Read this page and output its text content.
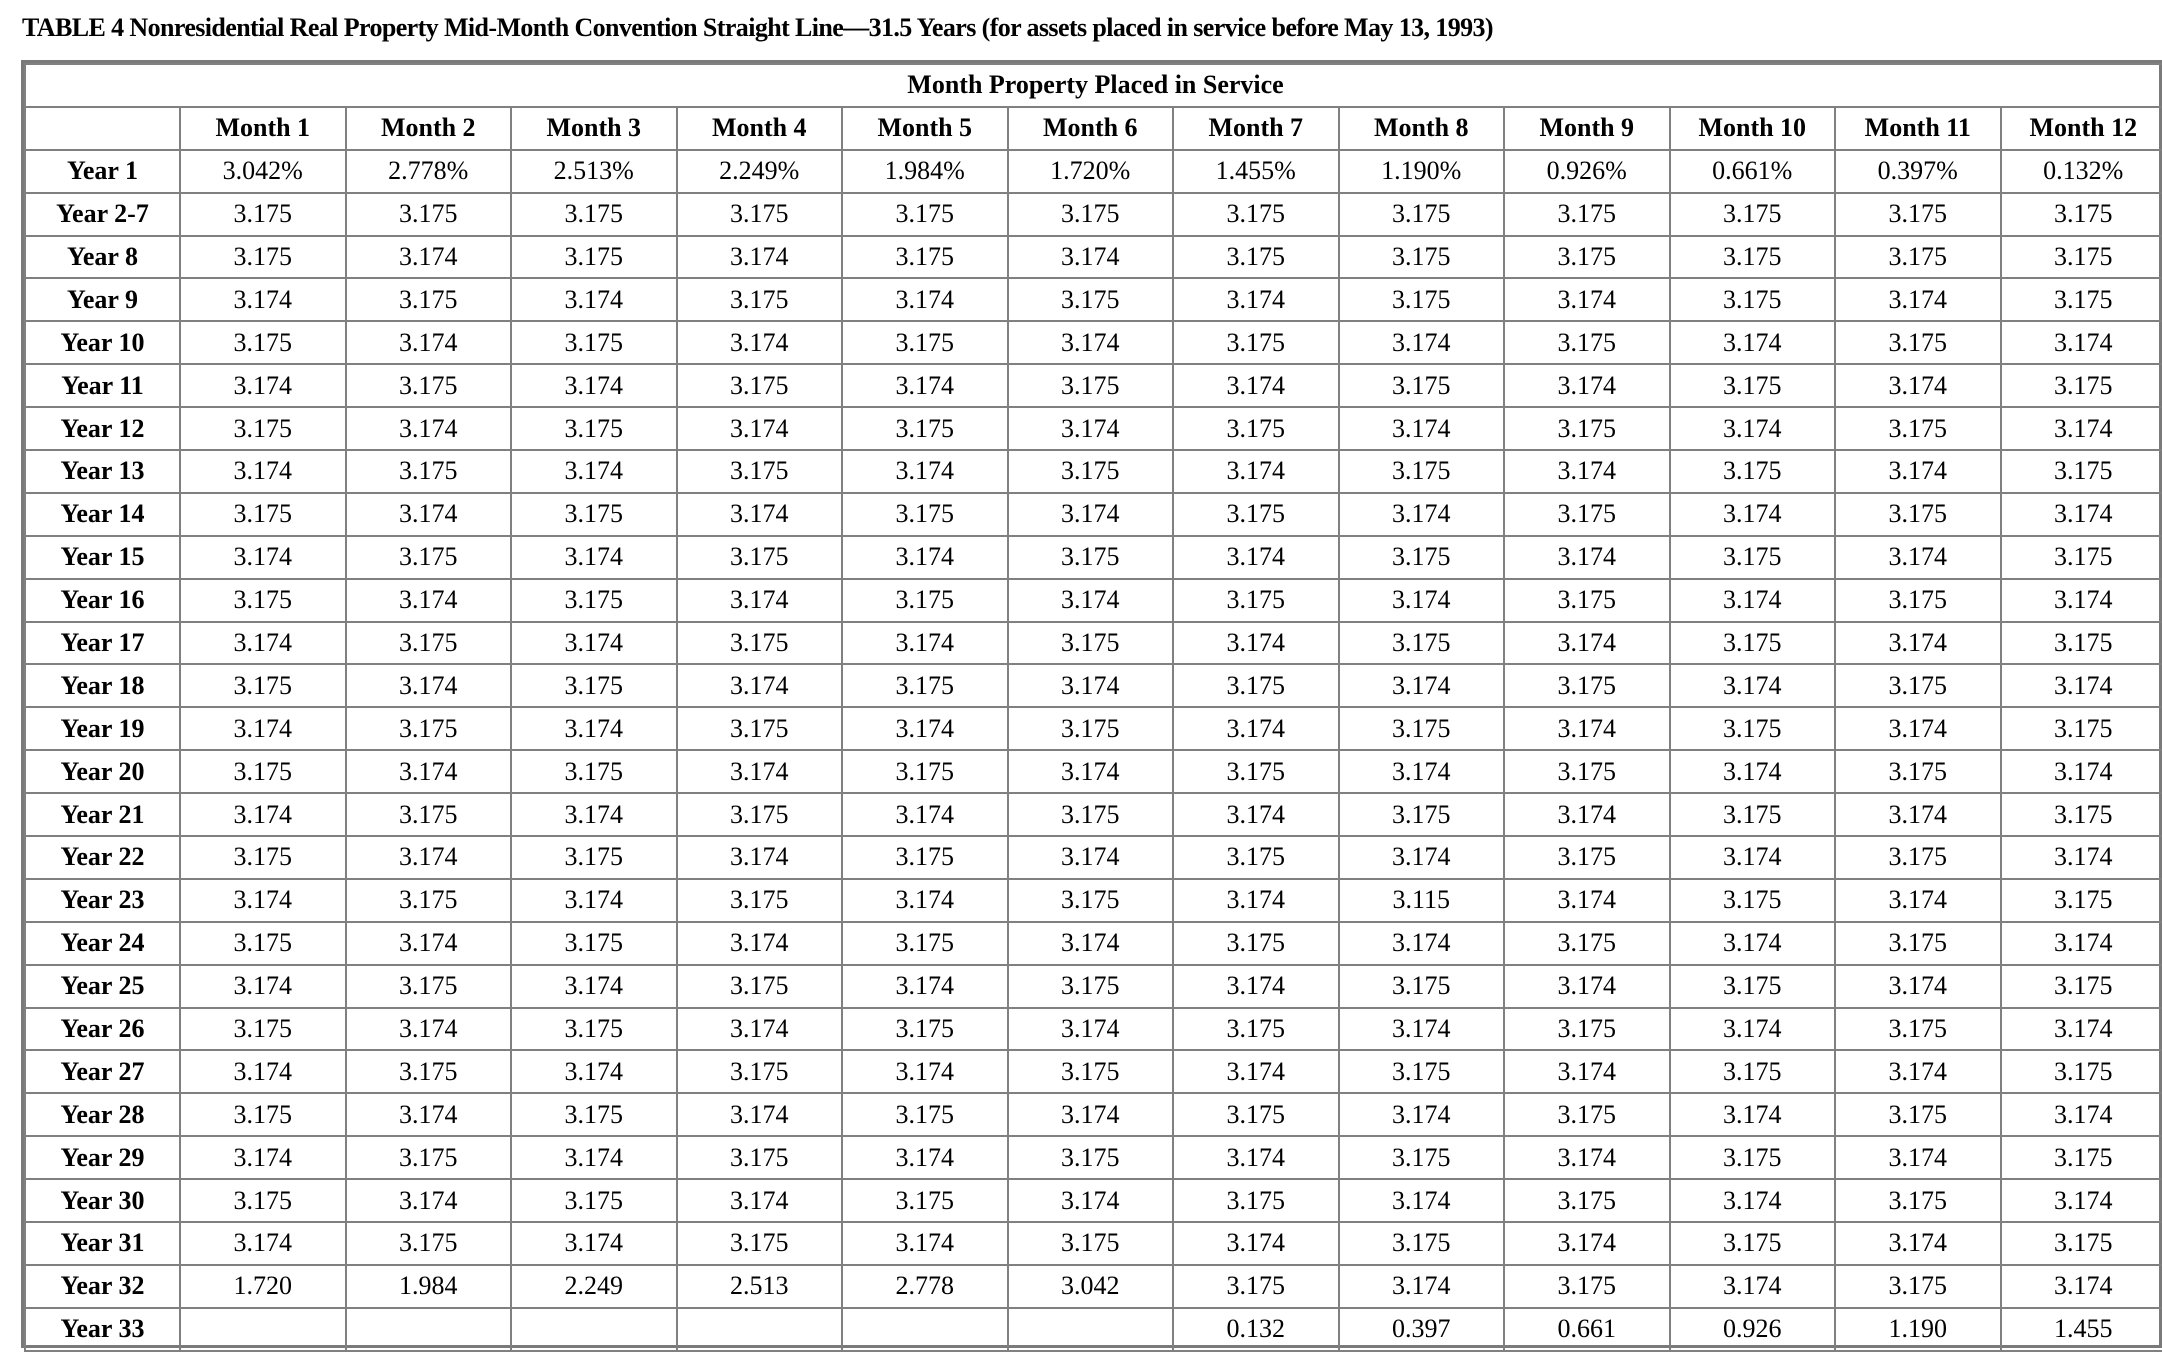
TABLE 4 Nonresidential Real Property Mid-Month Convention Straight Line—31.5 Years (for assets placed in service before May 13, 1993)
Month Property Placed in Service												
	Month 1	Month 2	Month 3	Month 4	Month 5	Month 6	Month 7	Month 8	Month 9	Month 10	Month 11	Month 12
Year 1	3.042%	2.778%	2.513%	2.249%	1.984%	1.720%	1.455%	1.190%	0.926%	0.661%	0.397%	0.132%
Year 2-7	3.175	3.175	3.175	3.175	3.175	3.175	3.175	3.175	3.175	3.175	3.175	3.175
Year 8	3.175	3.174	3.175	3.174	3.175	3.174	3.175	3.175	3.175	3.175	3.175	3.175
Year 9	3.174	3.175	3.174	3.175	3.174	3.175	3.174	3.175	3.174	3.175	3.174	3.175
Year 10	3.175	3.174	3.175	3.174	3.175	3.174	3.175	3.174	3.175	3.174	3.175	3.174
Year 11	3.174	3.175	3.174	3.175	3.174	3.175	3.174	3.175	3.174	3.175	3.174	3.175
Year 12	3.175	3.174	3.175	3.174	3.175	3.174	3.175	3.174	3.175	3.174	3.175	3.174
Year 13	3.174	3.175	3.174	3.175	3.174	3.175	3.174	3.175	3.174	3.175	3.174	3.175
Year 14	3.175	3.174	3.175	3.174	3.175	3.174	3.175	3.174	3.175	3.174	3.175	3.174
Year 15	3.174	3.175	3.174	3.175	3.174	3.175	3.174	3.175	3.174	3.175	3.174	3.175
Year 16	3.175	3.174	3.175	3.174	3.175	3.174	3.175	3.174	3.175	3.174	3.175	3.174
Year 17	3.174	3.175	3.174	3.175	3.174	3.175	3.174	3.175	3.174	3.175	3.174	3.175
Year 18	3.175	3.174	3.175	3.174	3.175	3.174	3.175	3.174	3.175	3.174	3.175	3.174
Year 19	3.174	3.175	3.174	3.175	3.174	3.175	3.174	3.175	3.174	3.175	3.174	3.175
Year 20	3.175	3.174	3.175	3.174	3.175	3.174	3.175	3.174	3.175	3.174	3.175	3.174
Year 21	3.174	3.175	3.174	3.175	3.174	3.175	3.174	3.175	3.174	3.175	3.174	3.175
Year 22	3.175	3.174	3.175	3.174	3.175	3.174	3.175	3.174	3.175	3.174	3.175	3.174
Year 23	3.174	3.175	3.174	3.175	3.174	3.175	3.174	3.115	3.174	3.175	3.174	3.175
Year 24	3.175	3.174	3.175	3.174	3.175	3.174	3.175	3.174	3.175	3.174	3.175	3.174
Year 25	3.174	3.175	3.174	3.175	3.174	3.175	3.174	3.175	3.174	3.175	3.174	3.175
Year 26	3.175	3.174	3.175	3.174	3.175	3.174	3.175	3.174	3.175	3.174	3.175	3.174
Year 27	3.174	3.175	3.174	3.175	3.174	3.175	3.174	3.175	3.174	3.175	3.174	3.175
Year 28	3.175	3.174	3.175	3.174	3.175	3.174	3.175	3.174	3.175	3.174	3.175	3.174
Year 29	3.174	3.175	3.174	3.175	3.174	3.175	3.174	3.175	3.174	3.175	3.174	3.175
Year 30	3.175	3.174	3.175	3.174	3.175	3.174	3.175	3.174	3.175	3.174	3.175	3.174
Year 31	3.174	3.175	3.174	3.175	3.174	3.175	3.174	3.175	3.174	3.175	3.174	3.175
Year 32	1.720	1.984	2.249	2.513	2.778	3.042	3.175	3.174	3.175	3.174	3.175	3.174
Year 33							0.132	0.397	0.661	0.926	1.190	1.455
